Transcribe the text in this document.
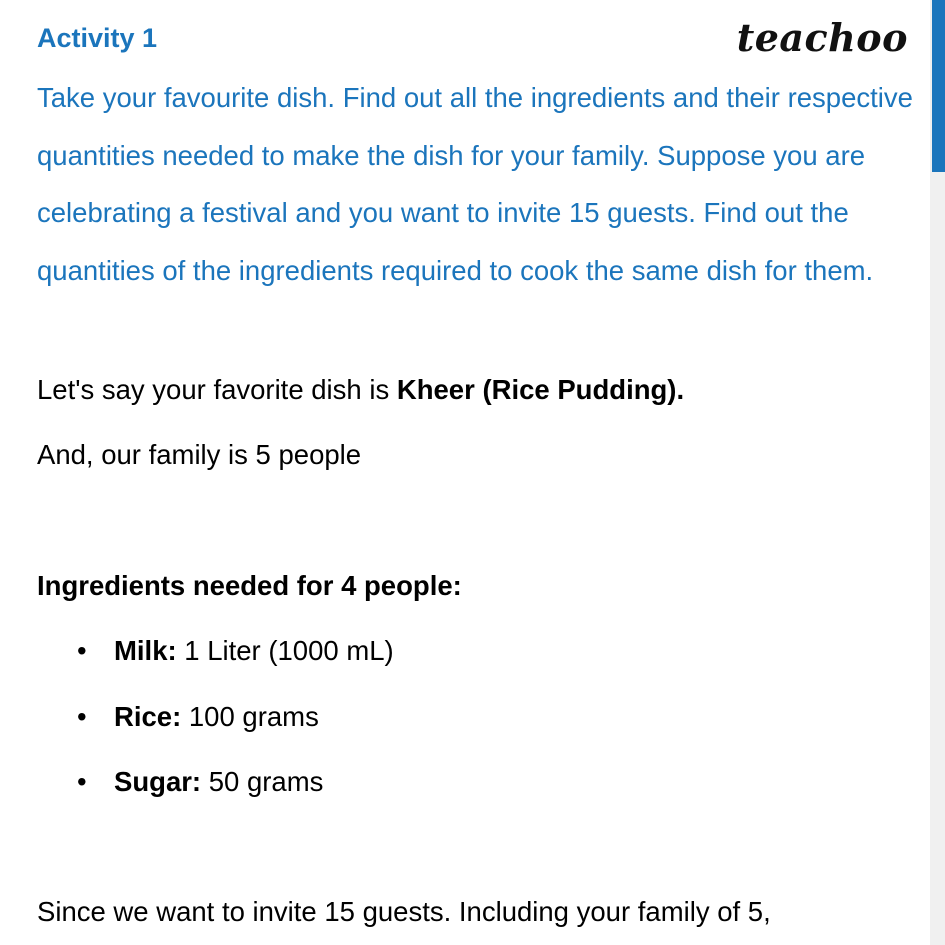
Activity 1	teachoo

Take your favourite dish. Find out all the ingredients and their respective quantities needed to make the dish for your family. Suppose you are celebrating a festival and you want to invite 15 guests. Find out the quantities of the ingredients required to cook the same dish for them.

Let's say your favorite dish is Kheer (Rice Pudding).

And, our family is 5 people

Ingredients needed for 4 people:

• Milk: 1 Liter (1000 mL)
• Rice: 100 grams
• Sugar: 50 grams

Since we want to invite 15 guests. Including your family of 5,
